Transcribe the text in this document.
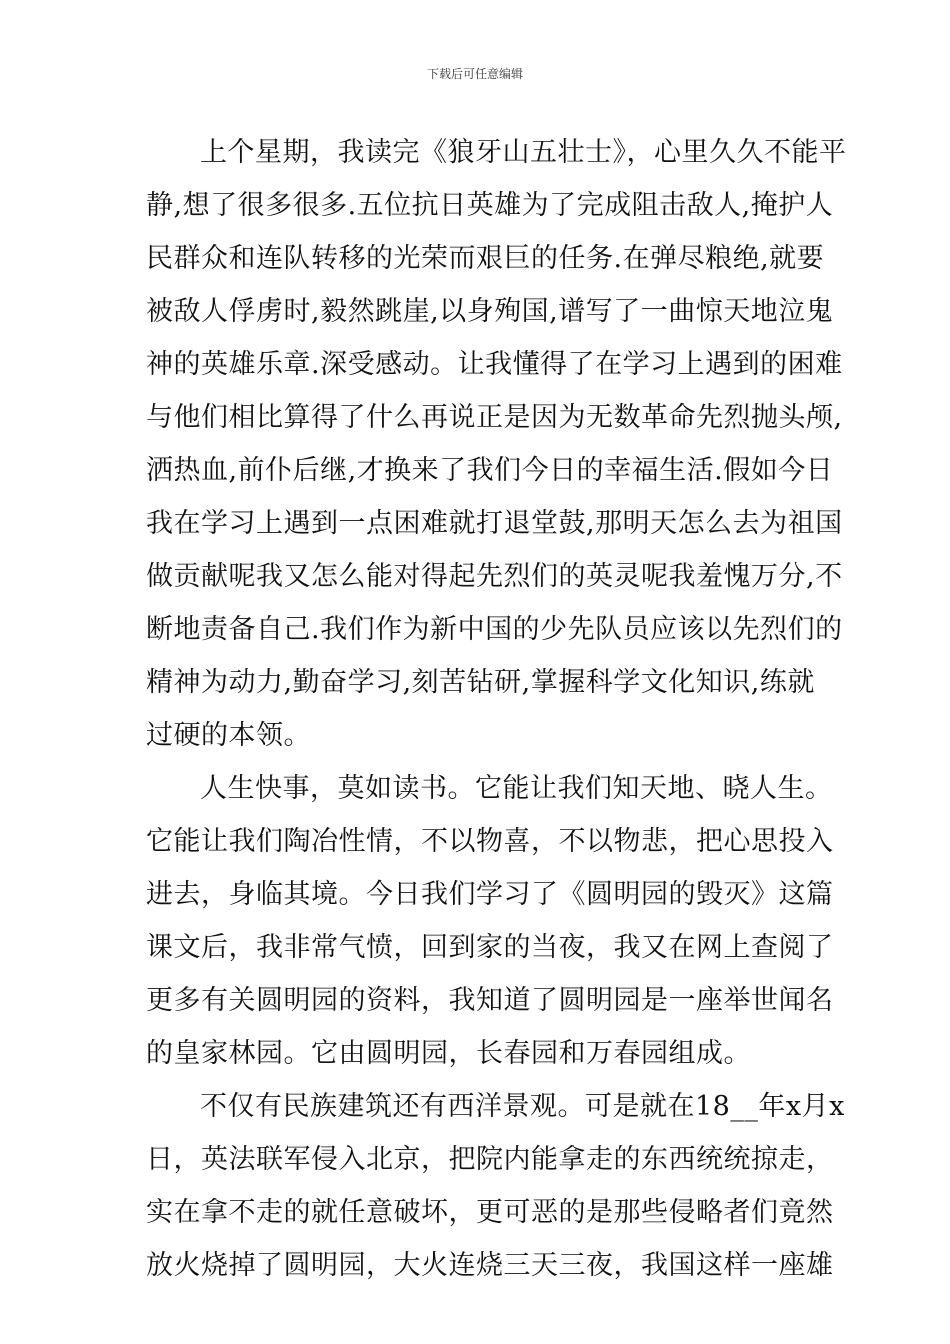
下载后可任意编辑
上个星期，我读完《狼牙山五壮士》，心里久久不能平
静,想了很多很多.五位抗日英雄为了完成阻击敌人,掩护人
民群众和连队转移的光荣而艰巨的任务.在弹尽粮绝,就要
被敌人俘虏时,毅然跳崖,以身殉国,谱写了一曲惊天地泣鬼
神的英雄乐章.深受感动。让我懂得了在学习上遇到的困难
与他们相比算得了什么再说正是因为无数革命先烈抛头颅,
洒热血,前仆后继,才换来了我们今日的幸福生活.假如今日
我在学习上遇到一点困难就打退堂鼓,那明天怎么去为祖国
做贡献呢我又怎么能对得起先烈们的英灵呢我羞愧万分,不
断地责备自己.我们作为新中国的少先队员应该以先烈们的
精神为动力,勤奋学习,刻苦钻研,掌握科学文化知识,练就
过硬的本领。
人生快事，莫如读书。它能让我们知天地、晓人生。
它能让我们陶冶性情，不以物喜，不以物悲，把心思投入
进去，身临其境。今日我们学习了《圆明园的毁灭》这篇
课文后，我非常气愤，回到家的当夜，我又在网上查阅了
更多有关圆明园的资料，我知道了圆明园是一座举世闻名
的皇家林园。它由圆明园，长春园和万春园组成。
不仅有民族建筑还有西洋景观。可是就在18__年x月x
日，英法联军侵入北京，把院内能拿走的东西统统掠走，
实在拿不走的就任意破坏，更可恶的是那些侵略者们竟然
放火烧掉了圆明园，大火连烧三天三夜，我国这样一座雄
